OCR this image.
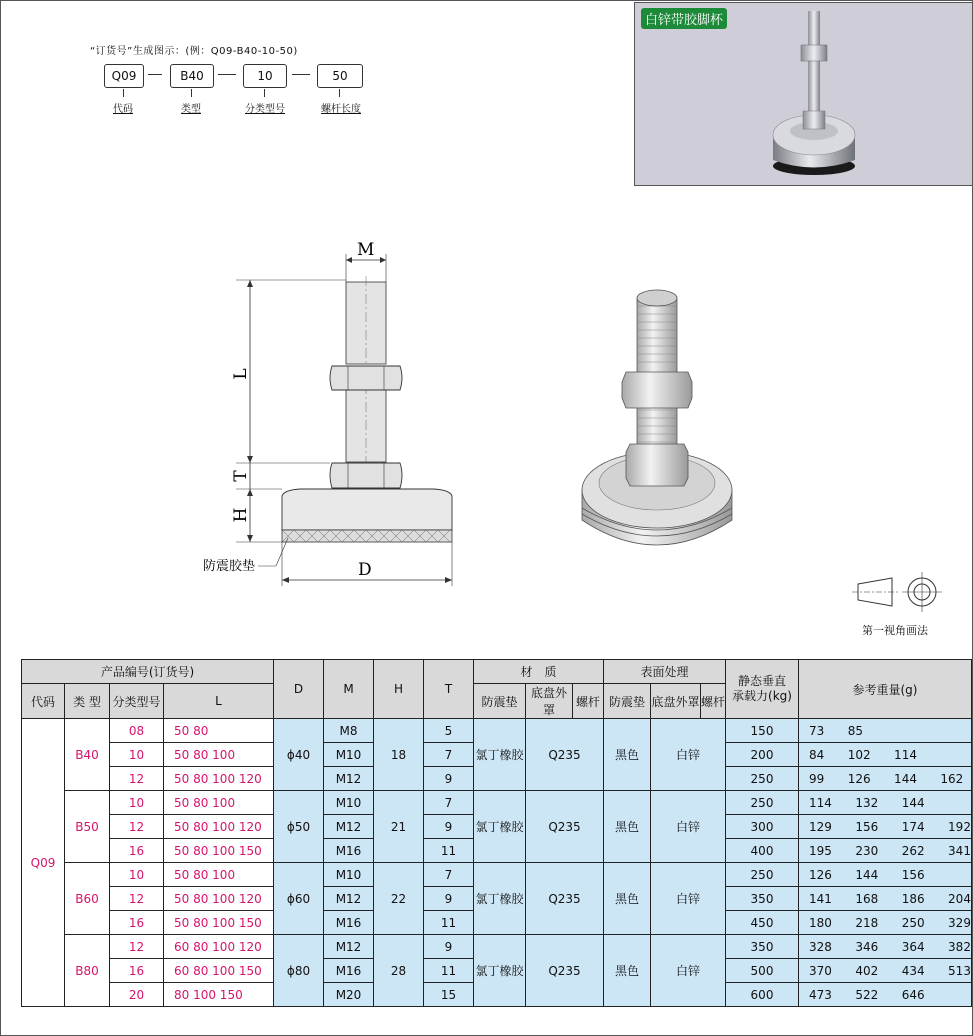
“订货号”生成图示：(例：Q09-B40-10-50)
Q09	B40	10	50
代码	类型	分类型号	螺杆长度
白锌带胶脚杯
M
L
T
H
D
防震胶垫
第一视角画法
产品编号(订货号)				D	M	H	T	材　质			表面处理			静态垂直
承载力(kg)	参考重量(g)
代码	类 型	分类型号	L					防震垫	底盘外罩	螺杆	防震垫	底盘外罩	螺杆		
Q09	B40	08	50 80	ϕ40	M8	18	5	氯丁橡胶	Q235		黑色	白锌		150	73   85
		10	50 80 100		M10		7							200	84   102   114
		12	50 80 100 120		M12		9							250	99   126   144   162
	B50	10	50 80 100	ϕ50	M10	21	7	氯丁橡胶	Q235		黑色	白锌		250	114   132   144
		12	50 80 100 120		M12		9							300	129   156   174   192
		16	50 80 100 150		M16		11							400	195   230   262   341
	B60	10	50 80 100	ϕ60	M10	22	7	氯丁橡胶	Q235		黑色	白锌		250	126   144   156
		12	50 80 100 120		M12		9							350	141   168   186   204
		16	50 80 100 150		M16		11							450	180   218   250   329
	B80	12	60 80 100 120	ϕ80	M12	28	9	氯丁橡胶	Q235		黑色	白锌		350	328   346   364   382
		16	60 80 100 150		M16		11							500	370   402   434   513
		20	80 100 150		M20		15							600	473   522   646
